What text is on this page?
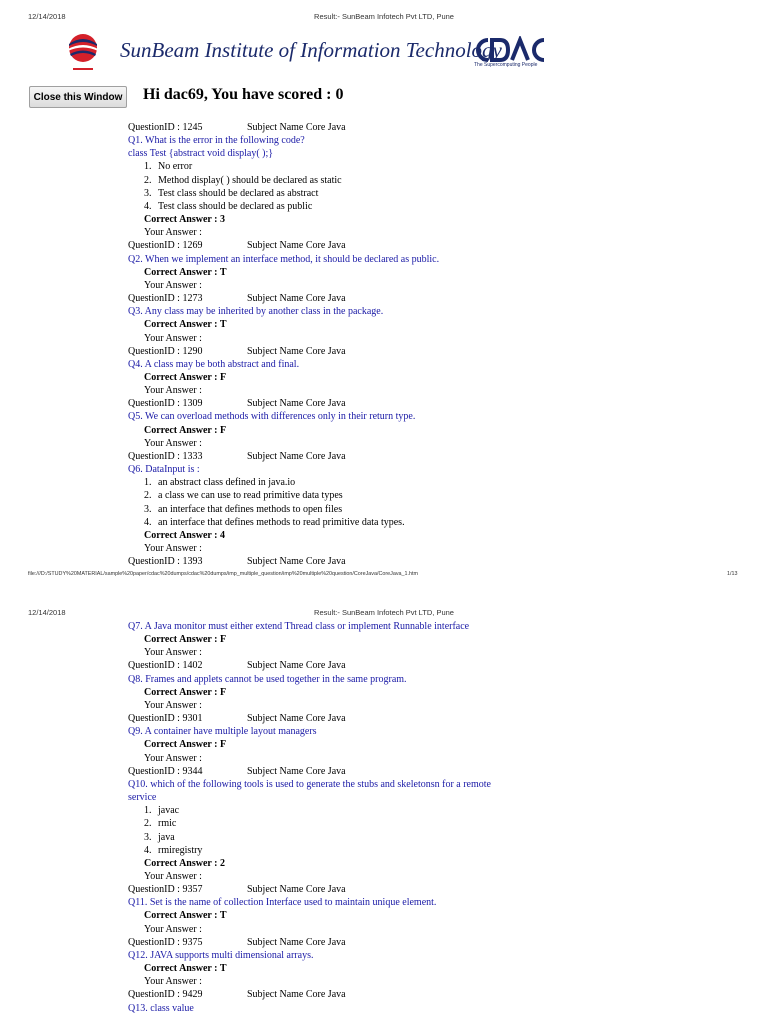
12/14/2018	Result:- SunBeam Infotech Pvt LTD, Pune
SunBeam Institute of Information Technology
The Supercomputing People
Close this Window Hi dac69, You have scored : 0
QuestionID : 1245	Subject Name Core Java
Q1. What is the error in the following code?
class Test {abstract void display( );}
1. No error
2. Method display( ) should be declared as static
3. Test class should be declared as abstract
4. Test class should be declared as public
Correct Answer : 3
Your Answer :
QuestionID : 1269	Subject Name Core Java
Q2. When we implement an interface method, it should be declared as public.
Correct Answer : T
Your Answer :
QuestionID : 1273	Subject Name Core Java
Q3. Any class may be inherited by another class in the package.
Correct Answer : T
Your Answer :
QuestionID : 1290	Subject Name Core Java
Q4. A class may be both abstract and final.
Correct Answer : F
Your Answer :
QuestionID : 1309	Subject Name Core Java
Q5. We can overload methods with differences only in their return type.
Correct Answer : F
Your Answer :
QuestionID : 1333	Subject Name Core Java
Q6. DataInput is :
1. an abstract class defined in java.io
2. a class we can use to read primitive data types
3. an interface that defines methods to open files
4. an interface that defines methods to read primitive data types.
Correct Answer : 4
Your Answer :
QuestionID : 1393	Subject Name Core Java
file:///D:/STUDY%20MATERIAL/sample%20paper/cdac%20dumps/cdac%20dumps/imp_multiple_question/imp%20multiple%20question/CoreJava/CoreJava_1.htm	1/13
12/14/2018	Result:- SunBeam Infotech Pvt LTD, Pune
Q7. A Java monitor must either extend Thread class or implement Runnable interface
Correct Answer : F
Your Answer :
QuestionID : 1402	Subject Name Core Java
Q8. Frames and applets cannot be used together in the same program.
Correct Answer : F
Your Answer :
QuestionID : 9301	Subject Name Core Java
Q9. A container have multiple layout managers
Correct Answer : F
Your Answer :
QuestionID : 9344	Subject Name Core Java
Q10. which of the following tools is used to generate the stubs and skeletonsn for a remote service
1. javac
2. rmic
3. java
4. rmiregistry
Correct Answer : 2
Your Answer :
QuestionID : 9357	Subject Name Core Java
Q11. Set is the name of collection Interface used to maintain unique element.
Correct Answer : T
Your Answer :
QuestionID : 9375	Subject Name Core Java
Q12. JAVA supports multi dimensional arrays.
Correct Answer : T
Your Answer :
QuestionID : 9429	Subject Name Core Java
Q13. class value
